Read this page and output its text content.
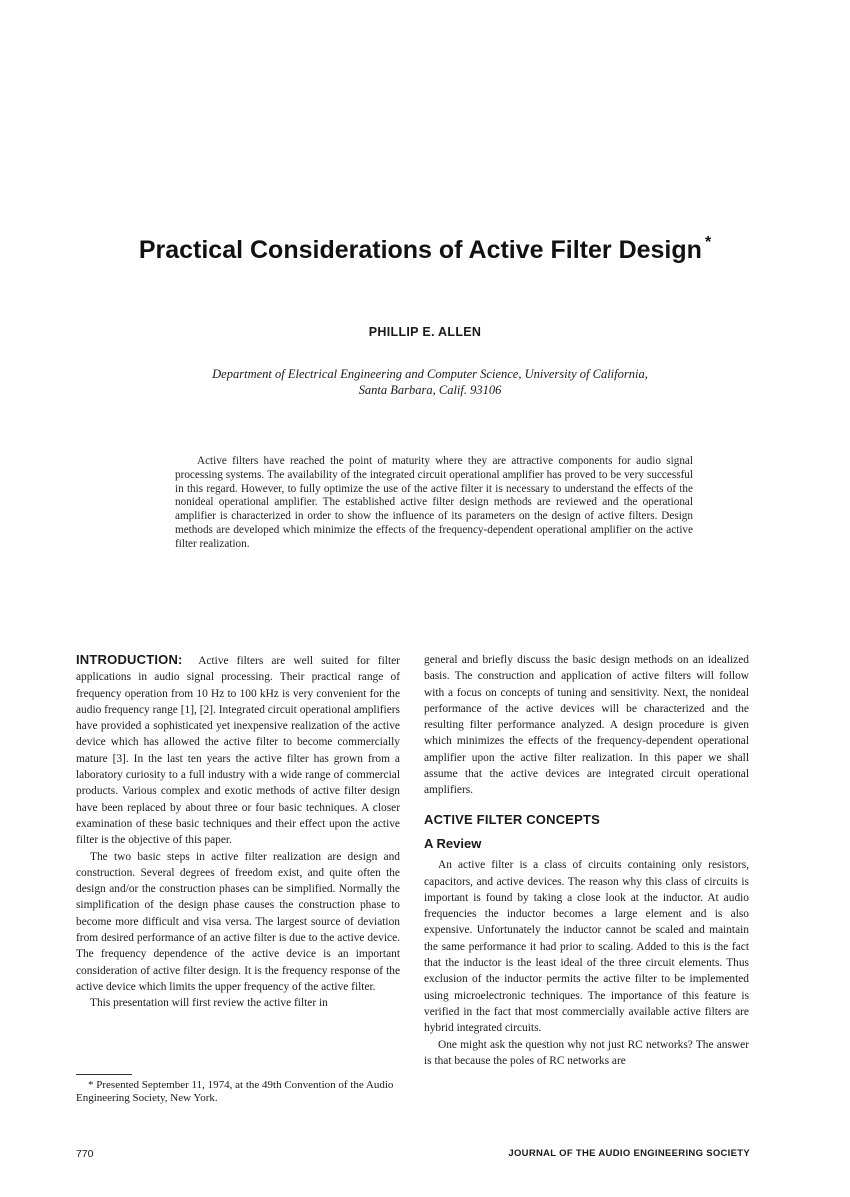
Practical Considerations of Active Filter Design *
PHILLIP E. ALLEN
Department of Electrical Engineering and Computer Science, University of California,
Santa Barbara, Calif. 93106

Active filters have reached the point of maturity where they are attractive components for audio signal processing systems. The availability of the integrated circuit operational amplifier has proved to be very successful in this regard. However, to fully optimize the use of the active filter it is necessary to understand the effects of the nonideal operational amplifier. The established active filter design methods are reviewed and the operational amplifier is characterized in order to show the influence of its parameters on the design of active filters. Design methods are developed which minimize the effects of the frequency-dependent operational amplifier on the active filter realization.

INTRODUCTION: Active filters are well suited for filter applications in audio signal processing. Their practical range of frequency operation from 10 Hz to 100 kHz is very convenient for the audio frequency range [1], [2]. Integrated circuit operational amplifiers have provided a sophisticated yet inexpensive realization of the active device which has allowed the active filter to become commercially mature [3]. In the last ten years the active filter has grown from a laboratory curiosity to a full industry with a wide range of commercial products. Various complex and exotic methods of active filter design have been replaced by about three or four basic techniques. A closer examination of these basic techniques and their effect upon the active filter is the objective of this paper.

The two basic steps in active filter realization are design and construction. Several degrees of freedom exist, and quite often the design and/or the construction phases can be simplified. Normally the simplification of the design phase causes the construction phase to become more difficult and visa versa. The largest source of deviation from desired performance of an active filter is due to the active device. The frequency dependence of the active device is an important consideration of active filter design. It is the frequency response of the active device which limits the upper frequency of the active filter.

This presentation will first review the active filter in

general and briefly discuss the basic design methods on an idealized basis. The construction and application of active filters will follow with a focus on concepts of tuning and sensitivity. Next, the nonideal performance of the active devices will be characterized and the resulting filter performance analyzed. A design procedure is given which minimizes the effects of the frequency-dependent operational amplifier upon the active filter realization. In this paper we shall assume that the active devices are integrated circuit operational amplifiers.

ACTIVE FILTER CONCEPTS
A Review

An active filter is a class of circuits containing only resistors, capacitors, and active devices. The reason why this class of circuits is important is found by taking a close look at the inductor. At audio frequencies the inductor becomes a large element and is also expensive. Unfortunately the inductor cannot be scaled and maintain the same performance it had prior to scaling. Added to this is the fact that the inductor is the least ideal of the three circuit elements. Thus exclusion of the inductor permits the active filter to be implemented using microelectronic techniques. The importance of this feature is verified in the fact that most commercially available active filters are hybrid integrated circuits.

One might ask the question why not just RC networks? The answer is that because the poles of RC networks are

* Presented September 11, 1974, at the 49th Convention of the Audio Engineering Society, New York.

770	JOURNAL OF THE AUDIO ENGINEERING SOCIETY
